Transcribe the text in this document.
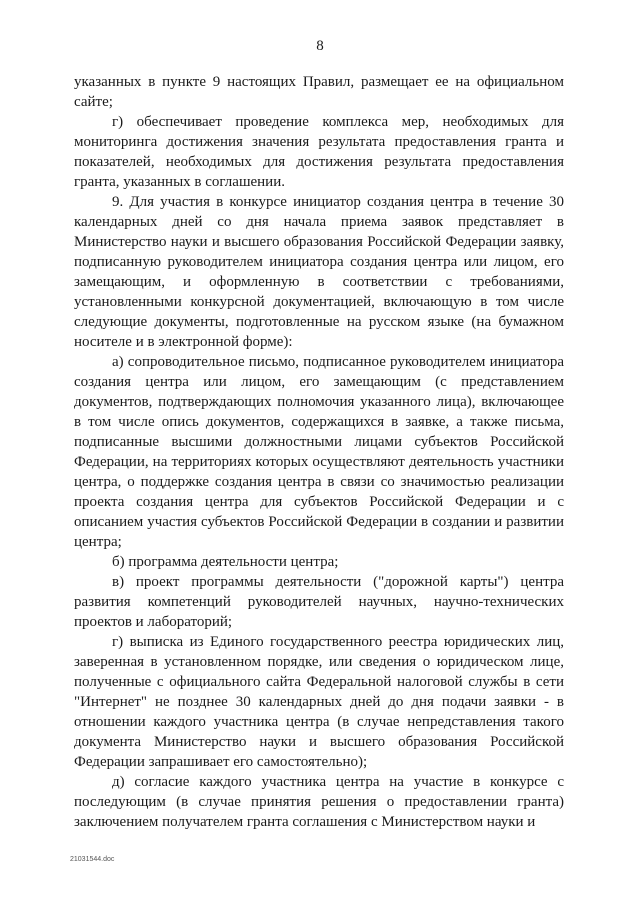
8

указанных в пункте 9 настоящих Правил, размещает ее на официальном сайте;

г) обеспечивает проведение комплекса мер, необходимых для мониторинга достижения значения результата предоставления гранта и показателей, необходимых для достижения результата предоставления гранта, указанных в соглашении.

9. Для участия в конкурсе инициатор создания центра в течение 30 календарных дней со дня начала приема заявок представляет в Министерство науки и высшего образования Российской Федерации заявку, подписанную руководителем инициатора создания центра или лицом, его замещающим, и оформленную в соответствии с требованиями, установленными конкурсной документацией, включающую в том числе следующие документы, подготовленные на русском языке (на бумажном носителе и в электронной форме):

а) сопроводительное письмо, подписанное руководителем инициатора создания центра или лицом, его замещающим (с представлением документов, подтверждающих полномочия указанного лица), включающее в том числе опись документов, содержащихся в заявке, а также письма, подписанные высшими должностными лицами субъектов Российской Федерации, на территориях которых осуществляют деятельность участники центра, о поддержке создания центра в связи со значимостью реализации проекта создания центра для субъектов Российской Федерации и с описанием участия субъектов Российской Федерации в создании и развитии центра;

б) программа деятельности центра;

в) проект программы деятельности ("дорожной карты") центра развития компетенций руководителей научных, научно-технических проектов и лабораторий;

г) выписка из Единого государственного реестра юридических лиц, заверенная в установленном порядке, или сведения о юридическом лице, полученные с официального сайта Федеральной налоговой службы в сети "Интернет" не позднее 30 календарных дней до дня подачи заявки - в отношении каждого участника центра (в случае непредставления такого документа Министерство науки и высшего образования Российской Федерации запрашивает его самостоятельно);

д) согласие каждого участника центра на участие в конкурсе с последующим (в случае принятия решения о предоставлении гранта) заключением получателем гранта соглашения с Министерством науки и

21031544.doc
